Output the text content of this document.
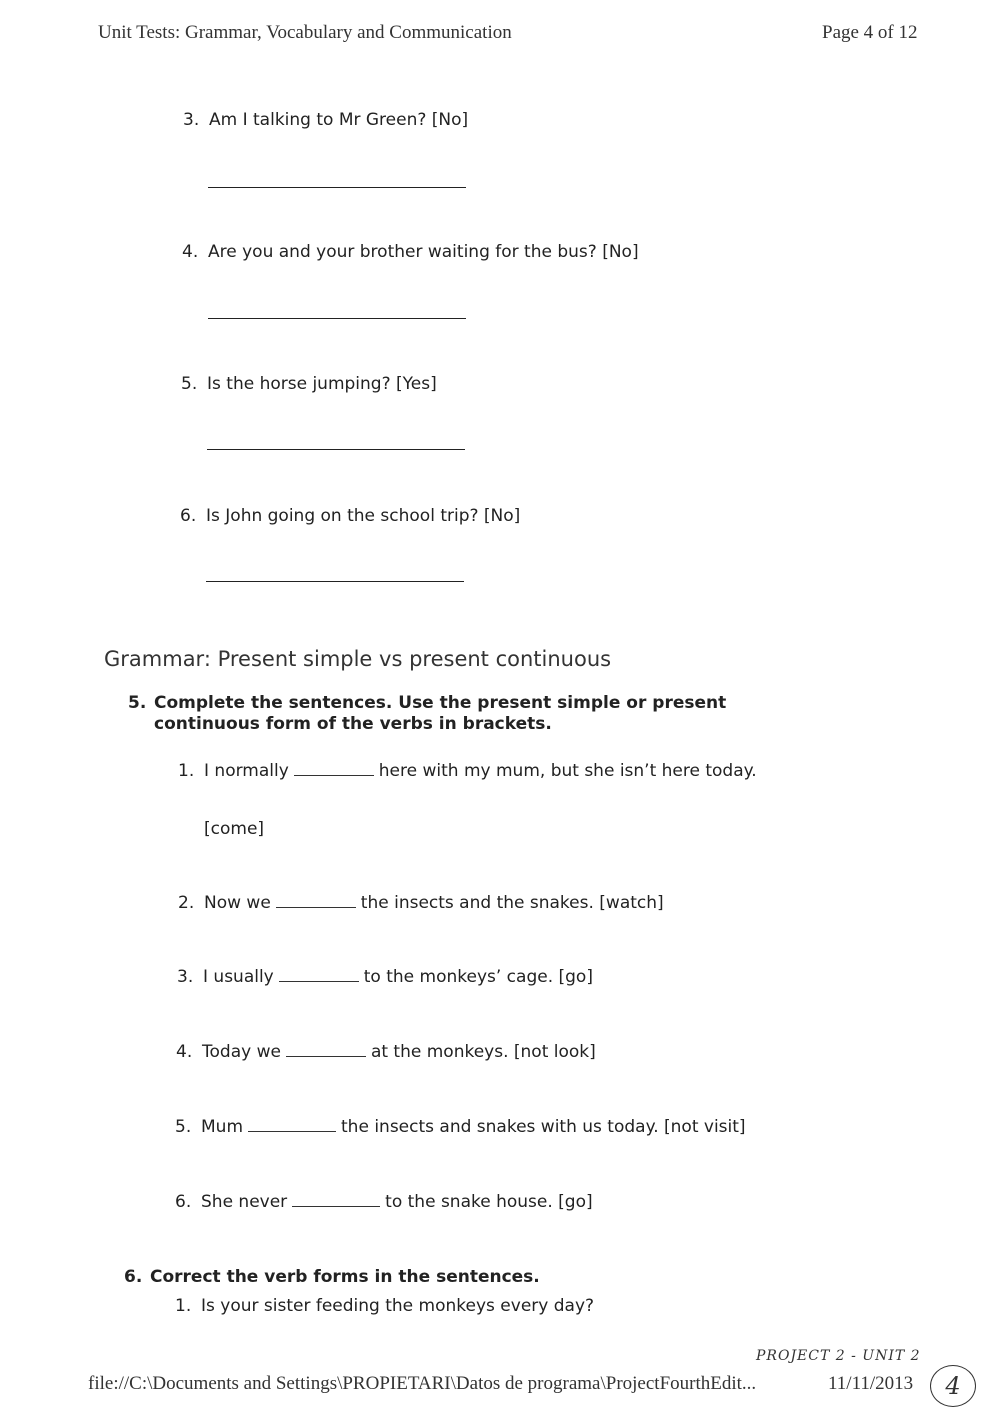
Unit Tests: Grammar, Vocabulary and Communication	Page 4 of 12
3. Am I talking to Mr Green? [No]
4. Are you and your brother waiting for the bus? [No]
5. Is the horse jumping? [Yes]
6. Is John going on the school trip? [No]
Grammar: Present simple vs present continuous
5. Complete the sentences. Use the present simple or present
continuous form of the verbs in brackets.
1. I normally	here with my mum, but she isn’t here today.
[come]
2. Now we	the insects and the snakes. [watch]
3. I usually	to the monkeys’ cage. [go]
4. Today we	at the monkeys. [not look]
5. Mum	the insects and snakes with us today. [not visit]
6. She never	to the snake house. [go]
6. Correct the verb forms in the sentences.
1. Is your sister feeding the monkeys every day?
PROJECT 2 - UNIT 2
4
file://C:\Documents and Settings\PROPIETARI\Datos de programa\ProjectFourthEdit...	11/11/2013
